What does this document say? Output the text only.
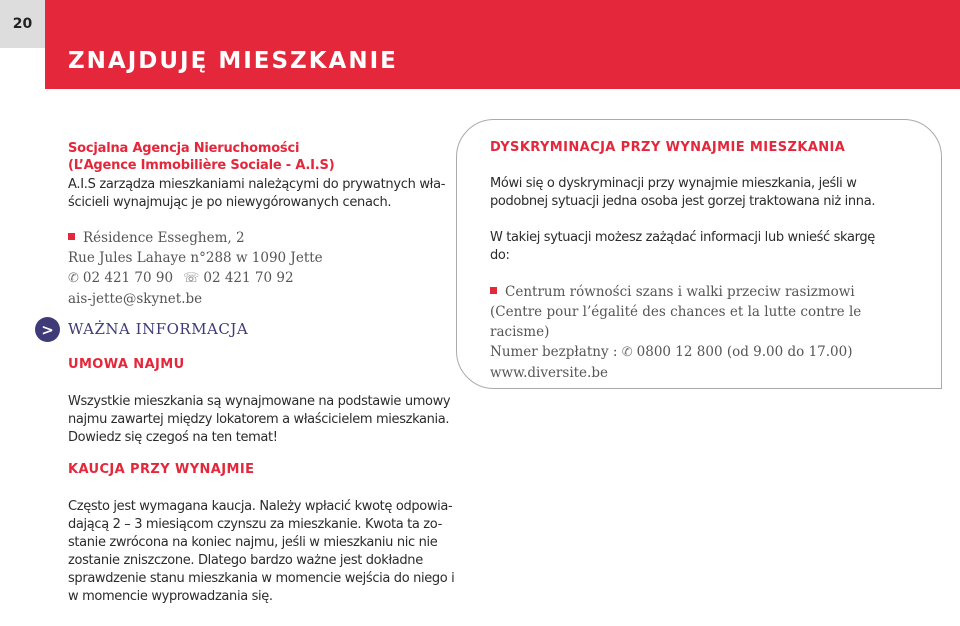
20
ZNAJDUJĘ MIESZKANIE
Socjalna Agencja Nieruchomości
(L’Agence Immobilière Sociale - A.I.S)
A.I.S zarządza mieszkaniami należącymi do prywatnych wła-
ścicieli wynajmując je po niewygórowanych cenach.
Résidence Esseghem, 2
Rue Jules Lahaye n°288 w 1090 Jette
✆ 02 421 70 90 ☏ 02 421 70 92
ais-jette@skynet.be
> WAŻNA INFORMACJA
UMOWA NAJMU
Wszystkie mieszkania są wynajmowane na podstawie umowy
najmu zawartej między lokatorem a właścicielem mieszkania.
Dowiedz się czegoś na ten temat!
KAUCJA PRZY WYNAJMIE
Często jest wymagana kaucja. Należy wpłacić kwotę odpowia-
dającą 2 – 3 miesiącom czynszu za mieszkanie. Kwota ta zo-
stanie zwrócona na koniec najmu, jeśli w mieszkaniu nic nie
zostanie zniszczone. Dlatego bardzo ważne jest dokładne
sprawdzenie stanu mieszkania w momencie wejścia do niego i
w momencie wyprowadzania się.
DYSKRYMINACJA PRZY WYNAJMIE MIESZKANIA
Mówi się o dyskryminacji przy wynajmie mieszkania, jeśli w
podobnej sytuacji jedna osoba jest gorzej traktowana niż inna.
W takiej sytuacji możesz zażądać informacji lub wnieść skargę
do:
Centrum równości szans i walki przeciw rasizmowi
(Centre pour l’égalité des chances et la lutte contre le racisme)
Numer bezpłatny : ✆ 0800 12 800 (od 9.00 do 17.00)
www.diversite.be
